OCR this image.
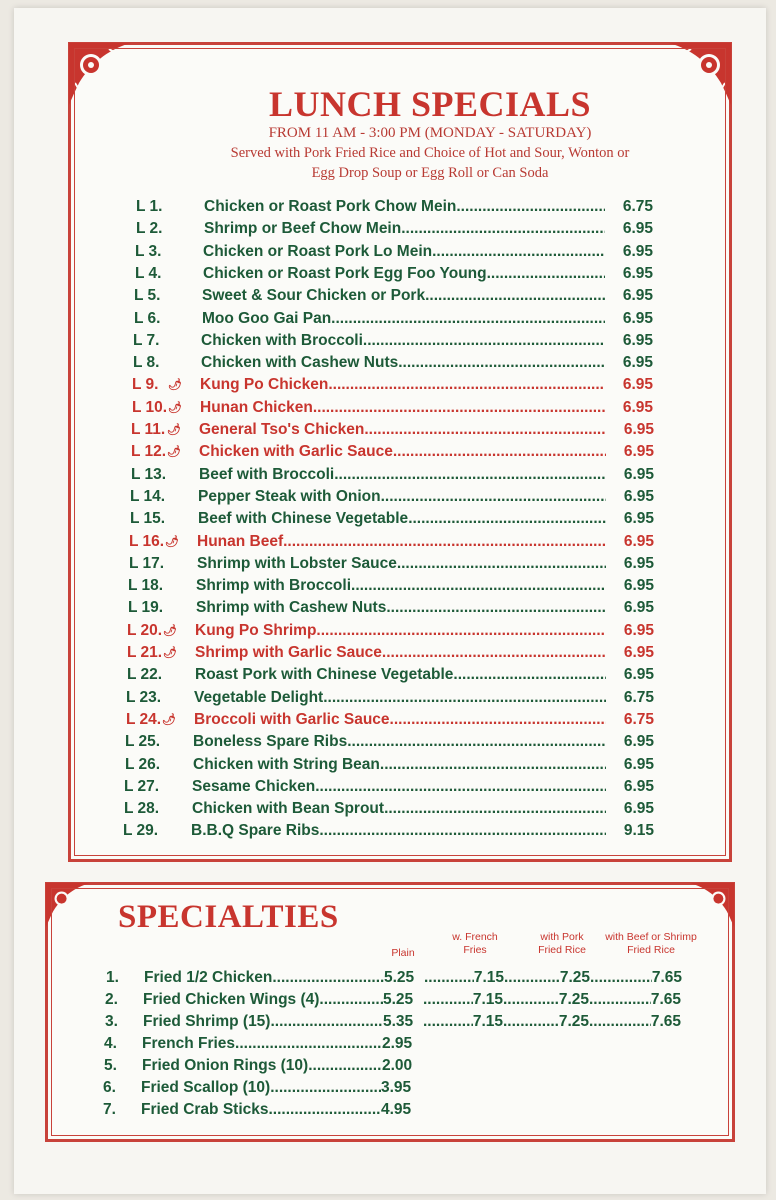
LUNCH SPECIALS
FROM 11 AM - 3:00 PM (MONDAY - SATURDAY)
Served with Pork Fried Rice and Choice of Hot and Sour, Wonton or
Egg Drop Soup or Egg Roll or Can Soda
L 1.	Chicken or Roast Pork Chow Mein .....	6.75
L 2.	Shrimp or Beef Chow Mein .....	6.95
L 3.	Chicken or Roast Pork Lo Mein .....	6.95
L 4.	Chicken or Roast Pork Egg Foo Young .....	6.95
L 5.	Sweet & Sour Chicken or Pork .....	6.95
L 6.	Moo Goo Gai Pan .....	6.95
L 7.	Chicken with Broccoli .....	6.95
L 8.	Chicken with Cashew Nuts .....	6.95
L 9. 🌶︎ Kung Po Chicken .....	6.95
L 10. 🌶︎ Hunan Chicken .....	6.95
L 11. 🌶︎ General Tso's Chicken .....	6.95
L 12. 🌶︎ Chicken with Garlic Sauce .....	6.95
L 13.	Beef with Broccoli .....	6.95
L 14.	Pepper Steak with Onion .....	6.95
L 15.	Beef with Chinese Vegetable .....	6.95
L 16. 🌶︎ Hunan Beef .....	6.95
L 17.	Shrimp with Lobster Sauce .....	6.95
L 18.	Shrimp with Broccoli .....	6.95
L 19.	Shrimp with Cashew Nuts .....	6.95
L 20. 🌶︎ Kung Po Shrimp .....	6.95
L 21. 🌶︎ Shrimp with Garlic Sauce .....	6.95
L 22.	Roast Pork with Chinese Vegetable .....	6.95
L 23.	Vegetable Delight .....	6.75
L 24. 🌶︎ Broccoli with Garlic Sauce .....	6.75
L 25.	Boneless Spare Ribs .....	6.95
L 26.	Chicken with String Bean .....	6.95
L 27.	Sesame Chicken .....	6.95
L 28.	Chicken with Bean Sprout .....	6.95
L 29.	B.B.Q Spare Ribs .....	9.15
SPECIALTIES
Plain
w. French Fries
with Pork Fried Rice
with Beef or Shrimp Fried Rice
1.	Fried 1/2 Chicken .....	5.25 .....	7.15 .....	7.25 .....	7.65
2.	Fried Chicken Wings (4) .....	5.25 .....	7.15 .....	7.25 .....	7.65
3.	Fried Shrimp (15) .....	5.35 .....	7.15 .....	7.25 .....	7.65
4.	French Fries .....	2.95
5.	Fried Onion Rings (10) .....	2.00
6.	Fried Scallop (10) .....	3.95
7.	Fried Crab Sticks .....	4.95
